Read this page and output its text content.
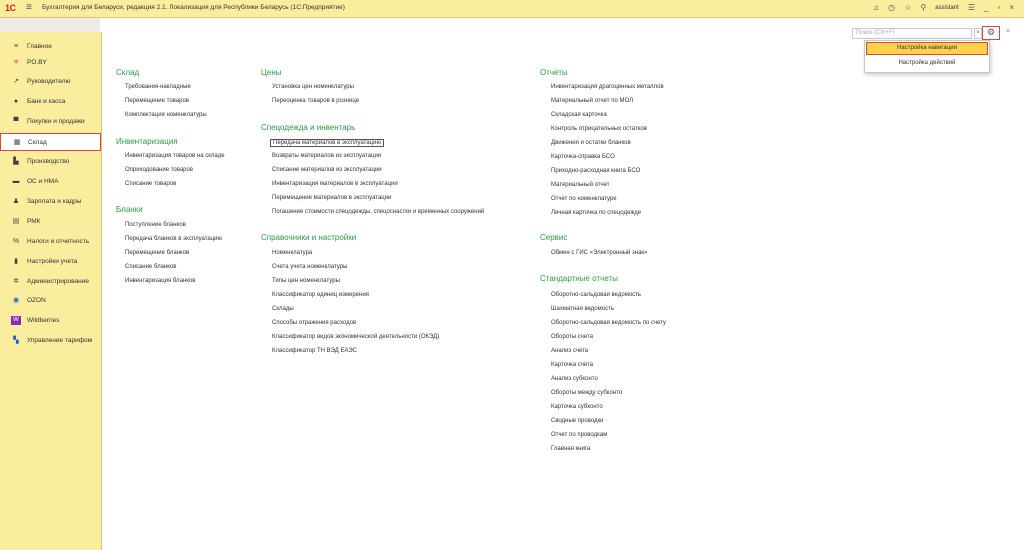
1С ≡ Бухгалтерия для Беларуси, редакция 2.1. Локализация для Республики Беларусь (1С:Предприятие)	♫ ◷ ☆ ⚲ assistant ☰ _ ▫ ×
≡	Главное
✳	PO.BY
↗	Руководителю
●	Банк и касса
▀	Покупки и продажи
▦ Склад
▙	Производство
▬ ОС и НМА
♟ Зарплата и кадры
▤ РМК
% Налоги и отчетность
▮	Настройки учета
✲	Администрирование
◉	OZON
W	Wildberries
▚	Управление тарифом
Поиск (Ctrl+F)	× ⚙	×
Настройка навигации
Настройка действий
Склад
Требования-накладные
Перемещение товаров
Комплектация номенклатуры
Инвентаризация
Инвентаризация товаров на складе
Оприходование товаров
Списание товаров
Бланки
Поступление бланков
Передача бланков в эксплуатацию
Перемещение бланков
Списание бланков
Инвентаризация бланков
Цены
Установка цен номенклатуры
Переоценка товаров в рознице
Спецодежда и инвентарь
Передача материалов в эксплуатацию
Возвраты материалов из эксплуатации
Списание материалов из эксплуатации
Инвентаризация материалов в эксплуатации
Перемещение материалов в эксплуатации
Погашение стоимости спецодежды, спецоснастки и временных сооружений
Справочники и настройки
Номенклатура
Счета учета номенклатуры
Типы цен номенклатуры
Классификатор единиц измерения
Склады
Способы отражения расходов
Классификатор видов экономической деятельности (ОКЭД)
Классификатор ТН ВЭД ЕАЭС
Отчеты
Инвентаризация драгоценных металлов
Материальный отчет по МОЛ
Складская карточка
Контроль отрицательных остатков
Движения и остатки бланков
Карточка-справка БСО
Приходно-расходная книга БСО
Материальный отчет
Отчет по номенклатуре
Личная карточка по спецодежде
Сервис
Обмен с ГИС «Электронный знак»
Стандартные отчеты
Оборотно-сальдовая ведомость
Шахматная ведомость
Оборотно-сальдовая ведомость по счету
Обороты счета
Анализ счета
Карточка счета
Анализ субконто
Обороты между субконто
Карточка субконто
Сводные проводки
Отчет по проводкам
Главная книга
